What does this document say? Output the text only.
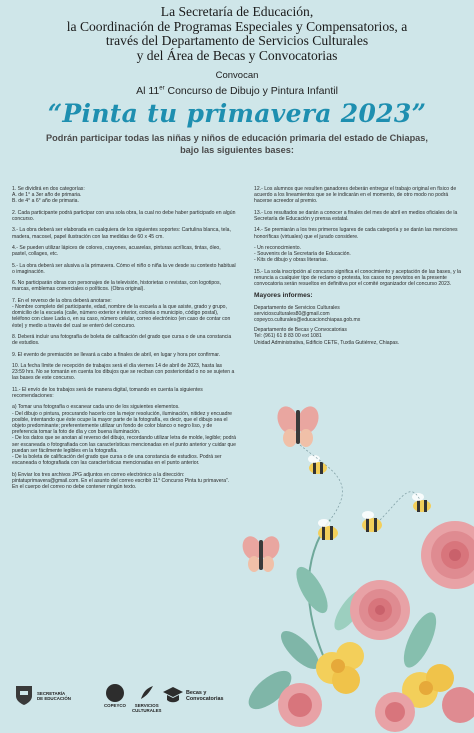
La Secretaría de Educación,
la Coordinación de Programas Especiales y Compensatorios, a
través del Departamento de Servicios Culturales
y del Área de Becas y Convocatorias
Convocan
Al 11er Concurso de Dibujo y Pintura Infantil
“Pinta tu primavera 2023”
Podrán participar todas las niñas y niños de educación primaria del estado de Chiapas,
bajo las siguientes bases:

1. Se dividirá en dos categorías:
A. de 1° a 3er año de primaria.
B. de 4° a 6° año de primaria.

2. Cada participante podrá participar con una sola obra, la cual no debe haber participado en algún concurso.

3.- La obra deberá ser elaborada en cualquiera de los siguientes soportes: Cartulina blanca, tela, madera, macosel, papel ilustración con las medidas de 60 x 45 cm.

4.- Se pueden utilizar lápices de colores, crayones, acuarelas, pinturas acrílicas, tintas, óleo, pastel, collages, etc.

5.- La obra deberá ser alusiva a la primavera. Cómo el niño o niña la ve desde su contexto habitual o imaginación.

6. No participarán obras con personajes de la televisión, historietas o revistas, con logotipos, marcas, emblemas comerciales o políticos. (Obra original).

7. En el reverso de la obra deberá anotarse:
- Nombre completo del participante, edad, nombre de la escuela a la que asiste, grado y grupo, domicilio de la escuela (calle, número exterior e interior, colonia o municipio, código postal), teléfono con clave Lada o, en su caso, número celular, correo electrónico (en caso de contar con éste) y medio a través del cual se enteró del concurso.

8. Deberá incluir una fotografía de boleta de calificación del grado que cursa o de una constancia de estudios.

9. El evento de premiación se llevará a cabo a finales de abril, en lugar y hora por confirmar.

10. La fecha límite de recepción de trabajos será el día viernes 14 de abril de 2023, hasta las 23:59 hrs. No se tomarán en cuenta los dibujos que se reciban con posterioridad o no se sujeten a las bases de este concurso.

11.- El envío de los trabajos será de manera digital, tomando en cuenta la siguientes recomendaciones:

a) Tomar una fotografía o escanear cada uno de los siguientes elementos.
- Del dibujo o pintura, procurando hacerlo con la mejor resolución, iluminación, nitidez y encuadre posible, intentando que éste ocupe la mayor parte de la fotografía, es decir, que el dibujo sea el objeto predominante; preferentemente utilizar un fondo de color blanco o negro liso, y de preferencia tomar la foto de día y con buena iluminación.
- De los datos que se anotan al reverso del dibujo, recordando utilizar letra de molde, legible; podrá ser escaneada o fotografiada con las características mencionadas en el punto anterior y cuidar que puedan ser fácilmente legibles en la fotografía.
- De la boleta de calificación del grado que cursa o de una constancia de estudios. Podrá ser escaneada o fotografiada con las características mencionadas en el punto anterior.

b) Enviar los tres archivos JPG adjuntos en correo electrónico a la dirección: pintatuprimavera@gmail.com. En el asunto del correo escribir 11° Concurso Pinta tu primavera”. En el cuerpo del correo no debe contener ningún texto.

12.- Los alumnos que resulten ganadores deberán entregar el trabajo original en físico de acuerdo a los lineamientos que se le indicarán en el momento, de otro modo no podrá hacerse acreedor al premio.

13.- Los resultados se darán a conocer a finales del mes de abril en medios oficiales de la Secretaría de Educación y prensa estatal.

14.- Se premiarán a los tres primeros lugares de cada categoría y se darán las menciones honoríficas (virtuales) que el jurado considere.

- Un reconocimiento.
- Souvenirs de la Secretaría de Educación.
- Kits de dibujo y obras literarias.

15.- La sola inscripción al concurso significa el conocimiento y aceptación de las bases, y la renuncia a cualquier tipo de reclamo o protesta, los casos no previstos en la presente convocatoria serán resueltos en definitiva por el comité organizador del concurso 2023.

Mayores informes:

Departamento de Servicios Culturales
serviciosculturales80@gmail.com
copeyco.culturales@educacionchiapas.gob.mx

Departamento de Becas y Convocatorias
Tel: (961) 61 8 83 00 ext 1081
Unidad Administrativa, Edificio CETE, Tuxtla Gutiérrez, Chiapas.

SECRETARÍA
DE EDUCACIÓN
COPEYCO	SERVICIOS
CULTURALES
Becas y
Convocatorias
